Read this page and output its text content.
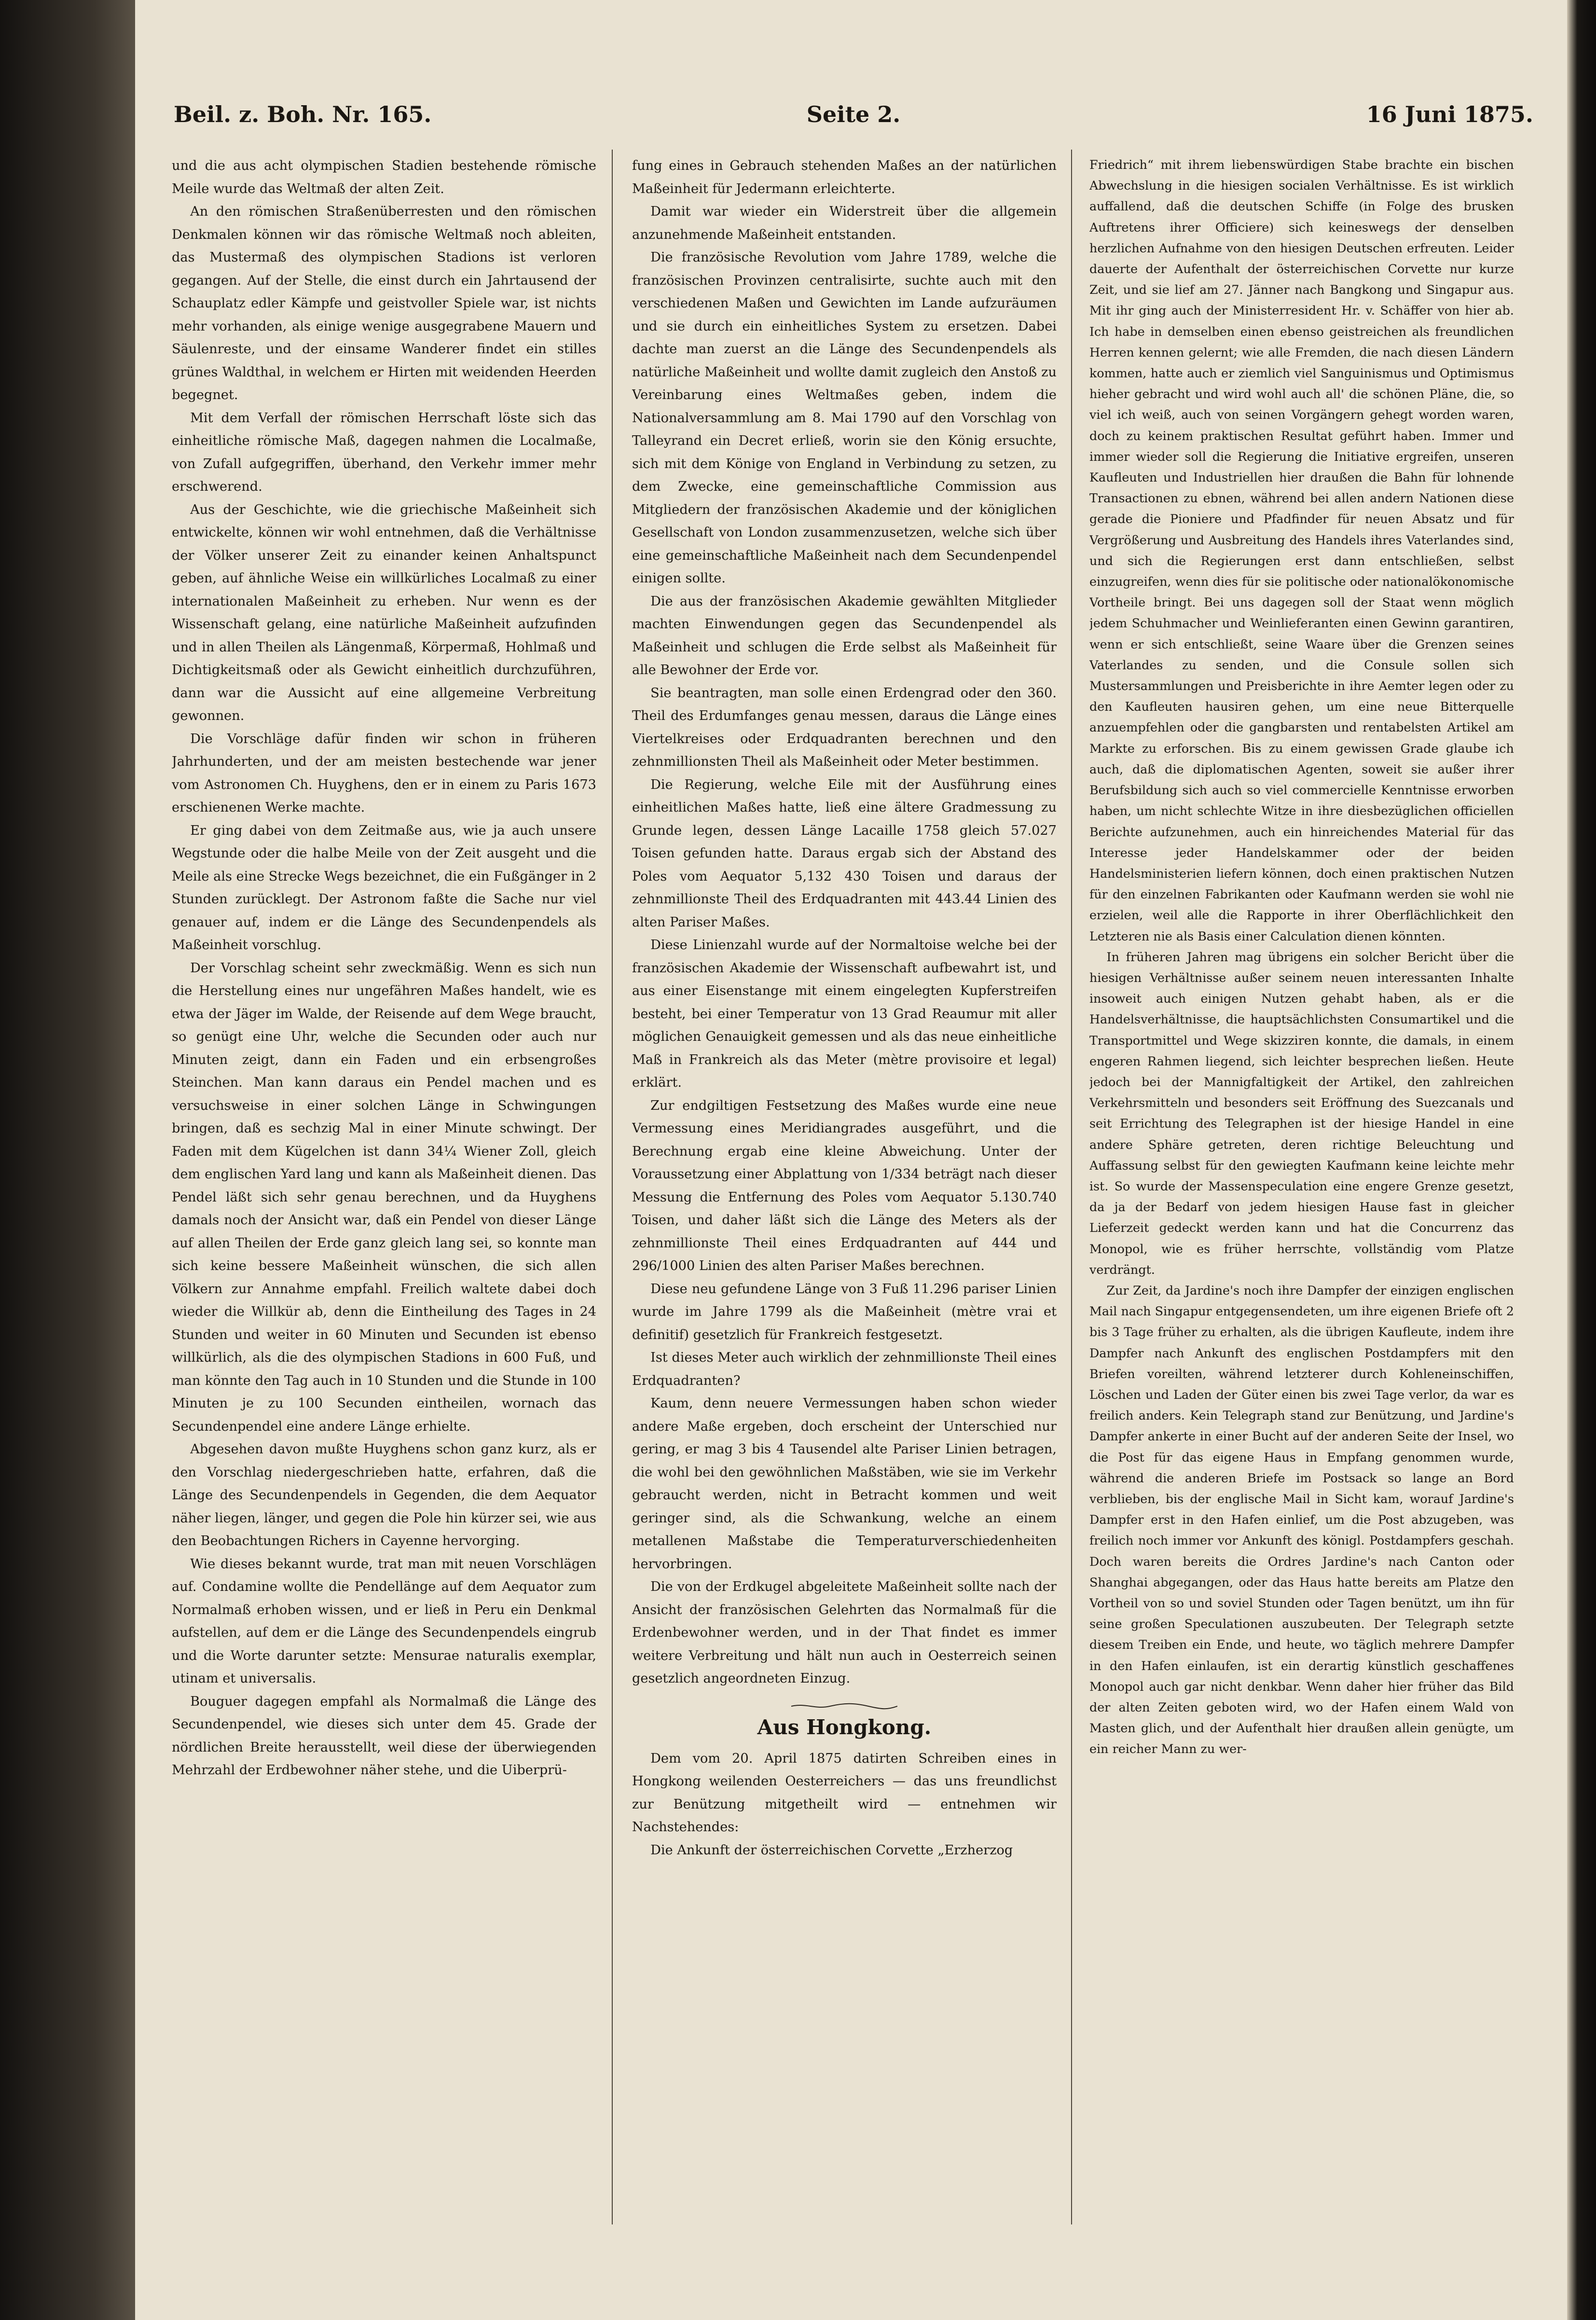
Beil. z. Boh. Nr. 165.	Seite 2.	16 Juni 1875.

und die aus acht olympischen Stadien bestehende römische Meile wurde das Weltmaß der alten Zeit.

An den römischen Straßenüberresten und den römischen Denkmalen können wir das römische Weltmaß noch ableiten, das Mustermaß des olympischen Stadions ist verloren gegangen. Auf der Stelle, die einst durch ein Jahrtausend der Schauplatz edler Kämpfe und geistvoller Spiele war, ist nichts mehr vorhanden, als einige wenige ausgegrabene Mauern und Säulenreste, und der einsame Wanderer findet ein stilles grünes Waldthal, in welchem er Hirten mit weidenden Heerden begegnet.

Mit dem Verfall der römischen Herrschaft löste sich das einheitliche römische Maß, dagegen nahmen die Localmaße, von Zufall aufgegriffen, überhand, den Verkehr immer mehr erschwerend.

Aus der Geschichte, wie die griechische Maßeinheit sich entwickelte, können wir wohl entnehmen, daß die Verhältnisse der Völker unserer Zeit zu einander keinen Anhaltspunct geben, auf ähnliche Weise ein willkürliches Localmaß zu einer internationalen Maßeinheit zu erheben. Nur wenn es der Wissenschaft gelang, eine natürliche Maßeinheit aufzufinden und in allen Theilen als Längenmaß, Körpermaß, Hohlmaß und Dichtigkeitsmaß oder als Gewicht einheitlich durchzuführen, dann war die Aussicht auf eine allgemeine Verbreitung gewonnen.

Die Vorschläge dafür finden wir schon in früheren Jahrhunderten, und der am meisten bestechende war jener vom Astronomen Ch. Huyghens, den er in einem zu Paris 1673 erschienenen Werke machte.

Er ging dabei von dem Zeitmaße aus, wie ja auch unsere Wegstunde oder die halbe Meile von der Zeit ausgeht und die Meile als eine Strecke Wegs bezeichnet, die ein Fußgänger in 2 Stunden zurücklegt. Der Astronom faßte die Sache nur viel genauer auf, indem er die Länge des Secundenpendels als Maßeinheit vorschlug.

Der Vorschlag scheint sehr zweckmäßig. Wenn es sich nun die Herstellung eines nur ungefähren Maßes handelt, wie es etwa der Jäger im Walde, der Reisende auf dem Wege braucht, so genügt eine Uhr, welche die Secunden oder auch nur Minuten zeigt, dann ein Faden und ein erbsengroßes Steinchen. Man kann daraus ein Pendel machen und es versuchsweise in einer solchen Länge in Schwingungen bringen, daß es sechzig Mal in einer Minute schwingt. Der Faden mit dem Kügelchen ist dann 34¼ Wiener Zoll, gleich dem englischen Yard lang und kann als Maßeinheit dienen. Das Pendel läßt sich sehr genau berechnen, und da Huyghens damals noch der Ansicht war, daß ein Pendel von dieser Länge auf allen Theilen der Erde ganz gleich lang sei, so konnte man sich keine bessere Maßeinheit wünschen, die sich allen Völkern zur Annahme empfahl. Freilich waltete dabei doch wieder die Willkür ab, denn die Eintheilung des Tages in 24 Stunden und weiter in 60 Minuten und Secunden ist ebenso willkürlich, als die des olympischen Stadions in 600 Fuß, und man könnte den Tag auch in 10 Stunden und die Stunde in 100 Minuten je zu 100 Secunden eintheilen, wornach das Secundenpendel eine andere Länge erhielte.

Abgesehen davon mußte Huyghens schon ganz kurz, als er den Vorschlag niedergeschrieben hatte, erfahren, daß die Länge des Secundenpendels in Gegenden, die dem Aequator näher liegen, länger, und gegen die Pole hin kürzer sei, wie aus den Beobachtungen Richers in Cayenne hervorging.

Wie dieses bekannt wurde, trat man mit neuen Vorschlägen auf. Condamine wollte die Pendellänge auf dem Aequator zum Normalmaß erhoben wissen, und er ließ in Peru ein Denkmal aufstellen, auf dem er die Länge des Secundenpendels eingrub und die Worte darunter setzte: Mensurae naturalis exemplar, utinam et universalis.

Bouguer dagegen empfahl als Normalmaß die Länge des Secundenpendel, wie dieses sich unter dem 45. Grade der nördlichen Breite herausstellt, weil diese der überwiegenden Mehrzahl der Erdbewohner näher stehe, und die Uiberprü-

fung eines in Gebrauch stehenden Maßes an der natürlichen Maßeinheit für Jedermann erleichterte.

Damit war wieder ein Widerstreit über die allgemein anzunehmende Maßeinheit entstanden.

Die französische Revolution vom Jahre 1789, welche die französischen Provinzen centralisirte, suchte auch mit den verschiedenen Maßen und Gewichten im Lande aufzuräumen und sie durch ein einheitliches System zu ersetzen. Dabei dachte man zuerst an die Länge des Secundenpendels als natürliche Maßeinheit und wollte damit zugleich den Anstoß zu Vereinbarung eines Weltmaßes geben, indem die Nationalversammlung am 8. Mai 1790 auf den Vorschlag von Talleyrand ein Decret erließ, worin sie den König ersuchte, sich mit dem Könige von England in Verbindung zu setzen, zu dem Zwecke, eine gemeinschaftliche Commission aus Mitgliedern der französischen Akademie und der königlichen Gesellschaft von London zusammenzusetzen, welche sich über eine gemeinschaftliche Maßeinheit nach dem Secundenpendel einigen sollte.

Die aus der französischen Akademie gewählten Mitglieder machten Einwendungen gegen das Secundenpendel als Maßeinheit und schlugen die Erde selbst als Maßeinheit für alle Bewohner der Erde vor.

Sie beantragten, man solle einen Erdengrad oder den 360. Theil des Erdumfanges genau messen, daraus die Länge eines Viertelkreises oder Erdquadranten berechnen und den zehnmillionsten Theil als Maßeinheit oder Meter bestimmen.

Die Regierung, welche Eile mit der Ausführung eines einheitlichen Maßes hatte, ließ eine ältere Gradmessung zu Grunde legen, dessen Länge Lacaille 1758 gleich 57.027 Toisen gefunden hatte. Daraus ergab sich der Abstand des Poles vom Aequator 5,132 430 Toisen und daraus der zehnmillionste Theil des Erdquadranten mit 443.44 Linien des alten Pariser Maßes.

Diese Linienzahl wurde auf der Normaltoise welche bei der französischen Akademie der Wissenschaft aufbewahrt ist, und aus einer Eisenstange mit einem eingelegten Kupferstreifen besteht, bei einer Temperatur von 13 Grad Reaumur mit aller möglichen Genauigkeit gemessen und als das neue einheitliche Maß in Frankreich als das Meter (mètre provisoire et legal) erklärt.

Zur endgiltigen Festsetzung des Maßes wurde eine neue Vermessung eines Meridiangrades ausgeführt, und die Berechnung ergab eine kleine Abweichung. Unter der Voraussetzung einer Abplattung von 1/334 beträgt nach dieser Messung die Entfernung des Poles vom Aequator 5.130.740 Toisen, und daher läßt sich die Länge des Meters als der zehnmillionste Theil eines Erdquadranten auf 444 und 296/1000 Linien des alten Pariser Maßes berechnen.

Diese neu gefundene Länge von 3 Fuß 11.296 pariser Linien wurde im Jahre 1799 als die Maßeinheit (mètre vrai et definitif) gesetzlich für Frankreich festgesetzt.

Ist dieses Meter auch wirklich der zehnmillionste Theil eines Erdquadranten?

Kaum, denn neuere Vermessungen haben schon wieder andere Maße ergeben, doch erscheint der Unterschied nur gering, er mag 3 bis 4 Tausendel alte Pariser Linien betragen, die wohl bei den gewöhnlichen Maßstäben, wie sie im Verkehr gebraucht werden, nicht in Betracht kommen und weit geringer sind, als die Schwankung, welche an einem metallenen Maßstabe die Temperaturverschiedenheiten hervorbringen.

Die von der Erdkugel abgeleitete Maßeinheit sollte nach der Ansicht der französischen Gelehrten das Normalmaß für die Erdenbewohner werden, und in der That findet es immer weitere Verbreitung und hält nun auch in Oesterreich seinen gesetzlich angeordneten Einzug.

Aus Hongkong.

Dem vom 20. April 1875 datirten Schreiben eines in Hongkong weilenden Oesterreichers — das uns freundlichst zur Benützung mitgetheilt wird — entnehmen wir Nachstehendes:

Die Ankunft der österreichischen Corvette „Erzherzog

Friedrich“ mit ihrem liebenswürdigen Stabe brachte ein bischen Abwechslung in die hiesigen socialen Verhältnisse. Es ist wirklich auffallend, daß die deutschen Schiffe (in Folge des brusken Auftretens ihrer Officiere) sich keineswegs der denselben herzlichen Aufnahme von den hiesigen Deutschen erfreuten. Leider dauerte der Aufenthalt der österreichischen Corvette nur kurze Zeit, und sie lief am 27. Jänner nach Bangkong und Singapur aus. Mit ihr ging auch der Ministerresident Hr. v. Schäffer von hier ab. Ich habe in demselben einen ebenso geistreichen als freundlichen Herren kennen gelernt; wie alle Fremden, die nach diesen Ländern kommen, hatte auch er ziemlich viel Sanguinismus und Optimismus hieher gebracht und wird wohl auch all' die schönen Pläne, die, so viel ich weiß, auch von seinen Vorgängern gehegt worden waren, doch zu keinem praktischen Resultat geführt haben. Immer und immer wieder soll die Regierung die Initiative ergreifen, unseren Kaufleuten und Industriellen hier draußen die Bahn für lohnende Transactionen zu ebnen, während bei allen andern Nationen diese gerade die Pioniere und Pfadfinder für neuen Absatz und für Vergrößerung und Ausbreitung des Handels ihres Vaterlandes sind, und sich die Regierungen erst dann entschließen, selbst einzugreifen, wenn dies für sie politische oder nationalökonomische Vortheile bringt. Bei uns dagegen soll der Staat wenn möglich jedem Schuhmacher und Weinlieferanten einen Gewinn garantiren, wenn er sich entschließt, seine Waare über die Grenzen seines Vaterlandes zu senden, und die Consule sollen sich Mustersammlungen und Preisberichte in ihre Aemter legen oder zu den Kaufleuten hausiren gehen, um eine neue Bitterquelle anzuempfehlen oder die gangbarsten und rentabelsten Artikel am Markte zu erforschen. Bis zu einem gewissen Grade glaube ich auch, daß die diplomatischen Agenten, soweit sie außer ihrer Berufsbildung sich auch so viel commercielle Kenntnisse erworben haben, um nicht schlechte Witze in ihre diesbezüglichen officiellen Berichte aufzunehmen, auch ein hinreichendes Material für das Interesse jeder Handelskammer oder der beiden Handelsministerien liefern können, doch einen praktischen Nutzen für den einzelnen Fabrikanten oder Kaufmann werden sie wohl nie erzielen, weil alle die Rapporte in ihrer Oberflächlichkeit den Letzteren nie als Basis einer Calculation dienen könnten.

In früheren Jahren mag übrigens ein solcher Bericht über die hiesigen Verhältnisse außer seinem neuen interessanten Inhalte insoweit auch einigen Nutzen gehabt haben, als er die Handelsverhältnisse, die hauptsächlichsten Consumartikel und die Transportmittel und Wege skizziren konnte, die damals, in einem engeren Rahmen liegend, sich leichter besprechen ließen. Heute jedoch bei der Mannigfaltigkeit der Artikel, den zahlreichen Verkehrsmitteln und besonders seit Eröffnung des Suezcanals und seit Errichtung des Telegraphen ist der hiesige Handel in eine andere Sphäre getreten, deren richtige Beleuchtung und Auffassung selbst für den gewiegten Kaufmann keine leichte mehr ist. So wurde der Massenspeculation eine engere Grenze gesetzt, da ja der Bedarf von jedem hiesigen Hause fast in gleicher Lieferzeit gedeckt werden kann und hat die Concurrenz das Monopol, wie es früher herrschte, vollständig vom Platze verdrängt.

Zur Zeit, da Jardine's noch ihre Dampfer der einzigen englischen Mail nach Singapur entgegensendeten, um ihre eigenen Briefe oft 2 bis 3 Tage früher zu erhalten, als die übrigen Kaufleute, indem ihre Dampfer nach Ankunft des englischen Postdampfers mit den Briefen voreilten, während letzterer durch Kohleneinschiffen, Löschen und Laden der Güter einen bis zwei Tage verlor, da war es freilich anders. Kein Telegraph stand zur Benützung, und Jardine's Dampfer ankerte in einer Bucht auf der anderen Seite der Insel, wo die Post für das eigene Haus in Empfang genommen wurde, während die anderen Briefe im Postsack so lange an Bord verblieben, bis der englische Mail in Sicht kam, worauf Jardine's Dampfer erst in den Hafen einlief, um die Post abzugeben, was freilich noch immer vor Ankunft des königl. Postdampfers geschah. Doch waren bereits die Ordres Jardine's nach Canton oder Shanghai abgegangen, oder das Haus hatte bereits am Platze den Vortheil von so und soviel Stunden oder Tagen benützt, um ihn für seine großen Speculationen auszubeuten. Der Telegraph setzte diesem Treiben ein Ende, und heute, wo täglich mehrere Dampfer in den Hafen einlaufen, ist ein derartig künstlich geschaffenes Monopol auch gar nicht denkbar. Wenn daher hier früher das Bild der alten Zeiten geboten wird, wo der Hafen einem Wald von Masten glich, und der Aufenthalt hier draußen allein genügte, um ein reicher Mann zu wer-
